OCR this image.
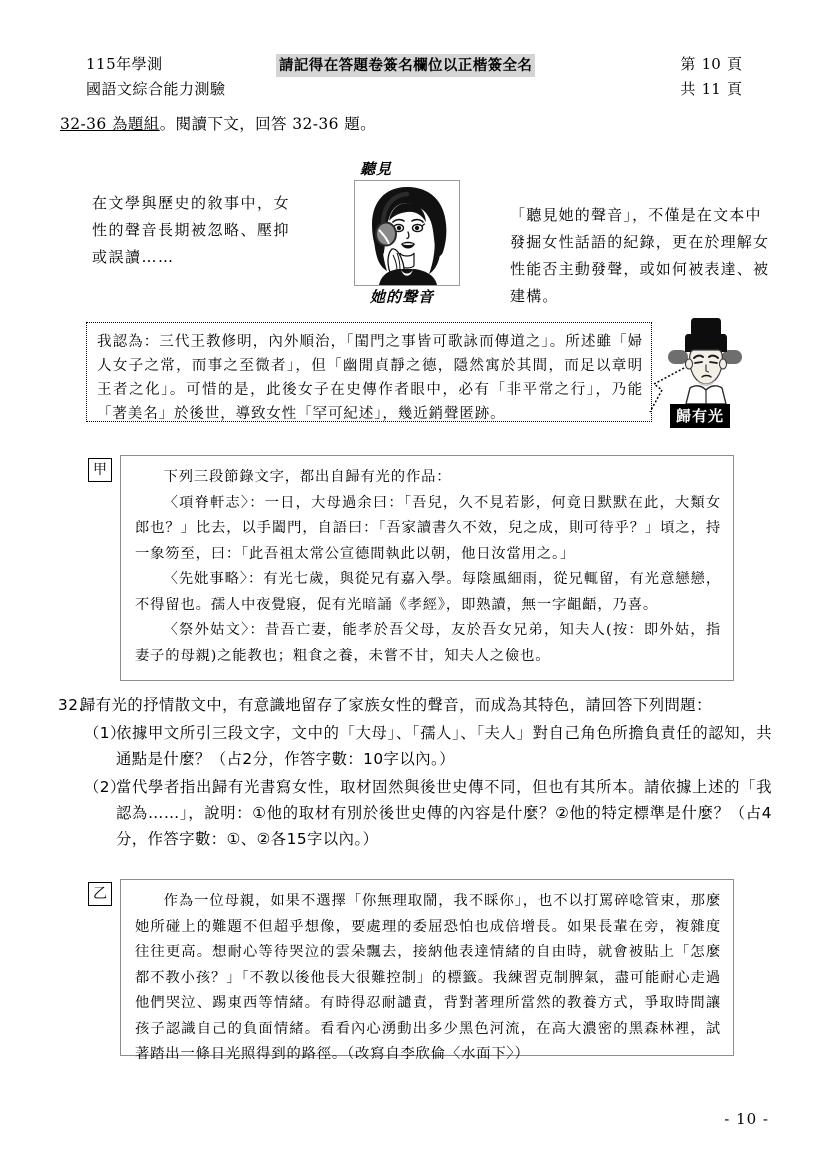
115年學測
國語文綜合能力測驗
請記得在答題卷簽名欄位以正楷簽全名	第 10 頁
共 11 頁
32-36 為題組。閱讀下文，回答 32-36 題。
在文學與歷史的敘事中，女性的聲音長期被忽略、壓抑或誤讀……
聽見
她的聲音
「聽見她的聲音」，不僅是在文本中發掘女性話語的紀錄，更在於理解女性能否主動發聲，或如何被表達、被建構。
我認為：三代王教修明，內外順治，「閨門之事皆可歌詠而傳道之」。所述雖「婦人女子之常，而事之至微者」，但「幽閒貞靜之德，隱然寓於其間，而足以章明王者之化」。可惜的是，此後女子在史傳作者眼中，必有「非平常之行」，乃能「著美名」於後世，導致女性「罕可紀述」，幾近銷聲匿跡。	歸有光
甲	下列三段節錄文字，都出自歸有光的作品：
〈項脊軒志〉：一日，大母過余曰：「吾兒，久不見若影，何竟日默默在此，大類女郎也？」比去，以手闔門，自語曰：「吾家讀書久不效，兒之成，則可待乎？」頃之，持一象笏至，曰：「此吾祖太常公宣德間執此以朝，他日汝當用之。」
〈先妣事略〉：有光七歲，與從兄有嘉入學。每陰風細雨，從兄輒留，有光意戀戀，不得留也。孺人中夜覺寢，促有光暗誦《孝經》，即熟讀，無一字齟齬，乃喜。
〈祭外姑文〉：昔吾亡妻，能孝於吾父母，友於吾女兄弟，知夫人(按：即外姑，指妻子的母親)之能教也；粗食之養，未嘗不甘，知夫人之儉也。
32.
歸有光的抒情散文中，有意識地留存了家族女性的聲音，而成為其特色，請回答下列問題：
（1）
依據甲文所引三段文字，文中的「大母」、「孺人」、「夫人」對自己角色所擔負責任的認知，共通點是什麼？（占2分，作答字數：10字以內。）
（2）
當代學者指出歸有光書寫女性，取材固然與後世史傳不同，但也有其所本。請依據上述的「我認為……」，說明：①他的取材有別於後世史傳的內容是什麼？②他的特定標準是什麼？（占4分，作答字數：①、②各15字以內。）
乙	作為一位母親，如果不選擇「你無理取鬧，我不睬你」，也不以打罵碎唸管束，那麼她所碰上的難題不但超乎想像，要處理的委屈恐怕也成倍增長。如果長輩在旁，複雜度往往更高。想耐心等待哭泣的雲朵飄去，接納他表達情緒的自由時，就會被貼上「怎麼都不教小孩？」「不教以後他長大很難控制」的標籤。我練習克制脾氣，盡可能耐心走過他們哭泣、踢東西等情緒。有時得忍耐譴責，背對著理所當然的教養方式，爭取時間讓孩子認識自己的負面情緒。看看內心湧動出多少黑色河流，在高大濃密的黑森林裡，試著踏出一條日光照得到的路徑。（改寫自李欣倫〈水面下〉）
- 10 -
